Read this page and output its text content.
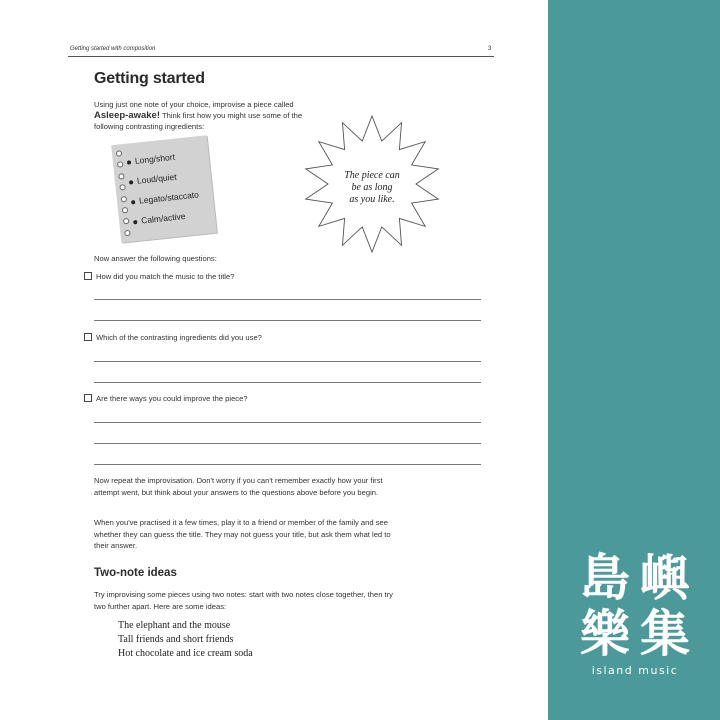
Getting started with composition	3
Getting started
Using just one note of your choice, improvise a piece called Asleep-awake! Think first how you might use some of the following contrasting ingredients:
Long/short
Loud/quiet
Legato/staccato
Calm/active
The piece can
be as long
as you like.
Now answer the following questions:
How did you match the music to the title?
Which of the contrasting ingredients did you use?
Are there ways you could improve the piece?
Now repeat the improvisation. Don't worry if you can't remember exactly how your first attempt went, but think about your answers to the questions above before you begin.
When you've practised it a few times, play it to a friend or member of the family and see whether they can guess the title. They may not guess your title, but ask them what led to their answer.
Two-note ideas
Try improvising some pieces using two notes: start with two notes close together, then try two further apart. Here are some ideas:
The elephant and the mouse
Tall friends and short friends
Hot chocolate and ice cream soda
島 嶼
樂 集
island music
